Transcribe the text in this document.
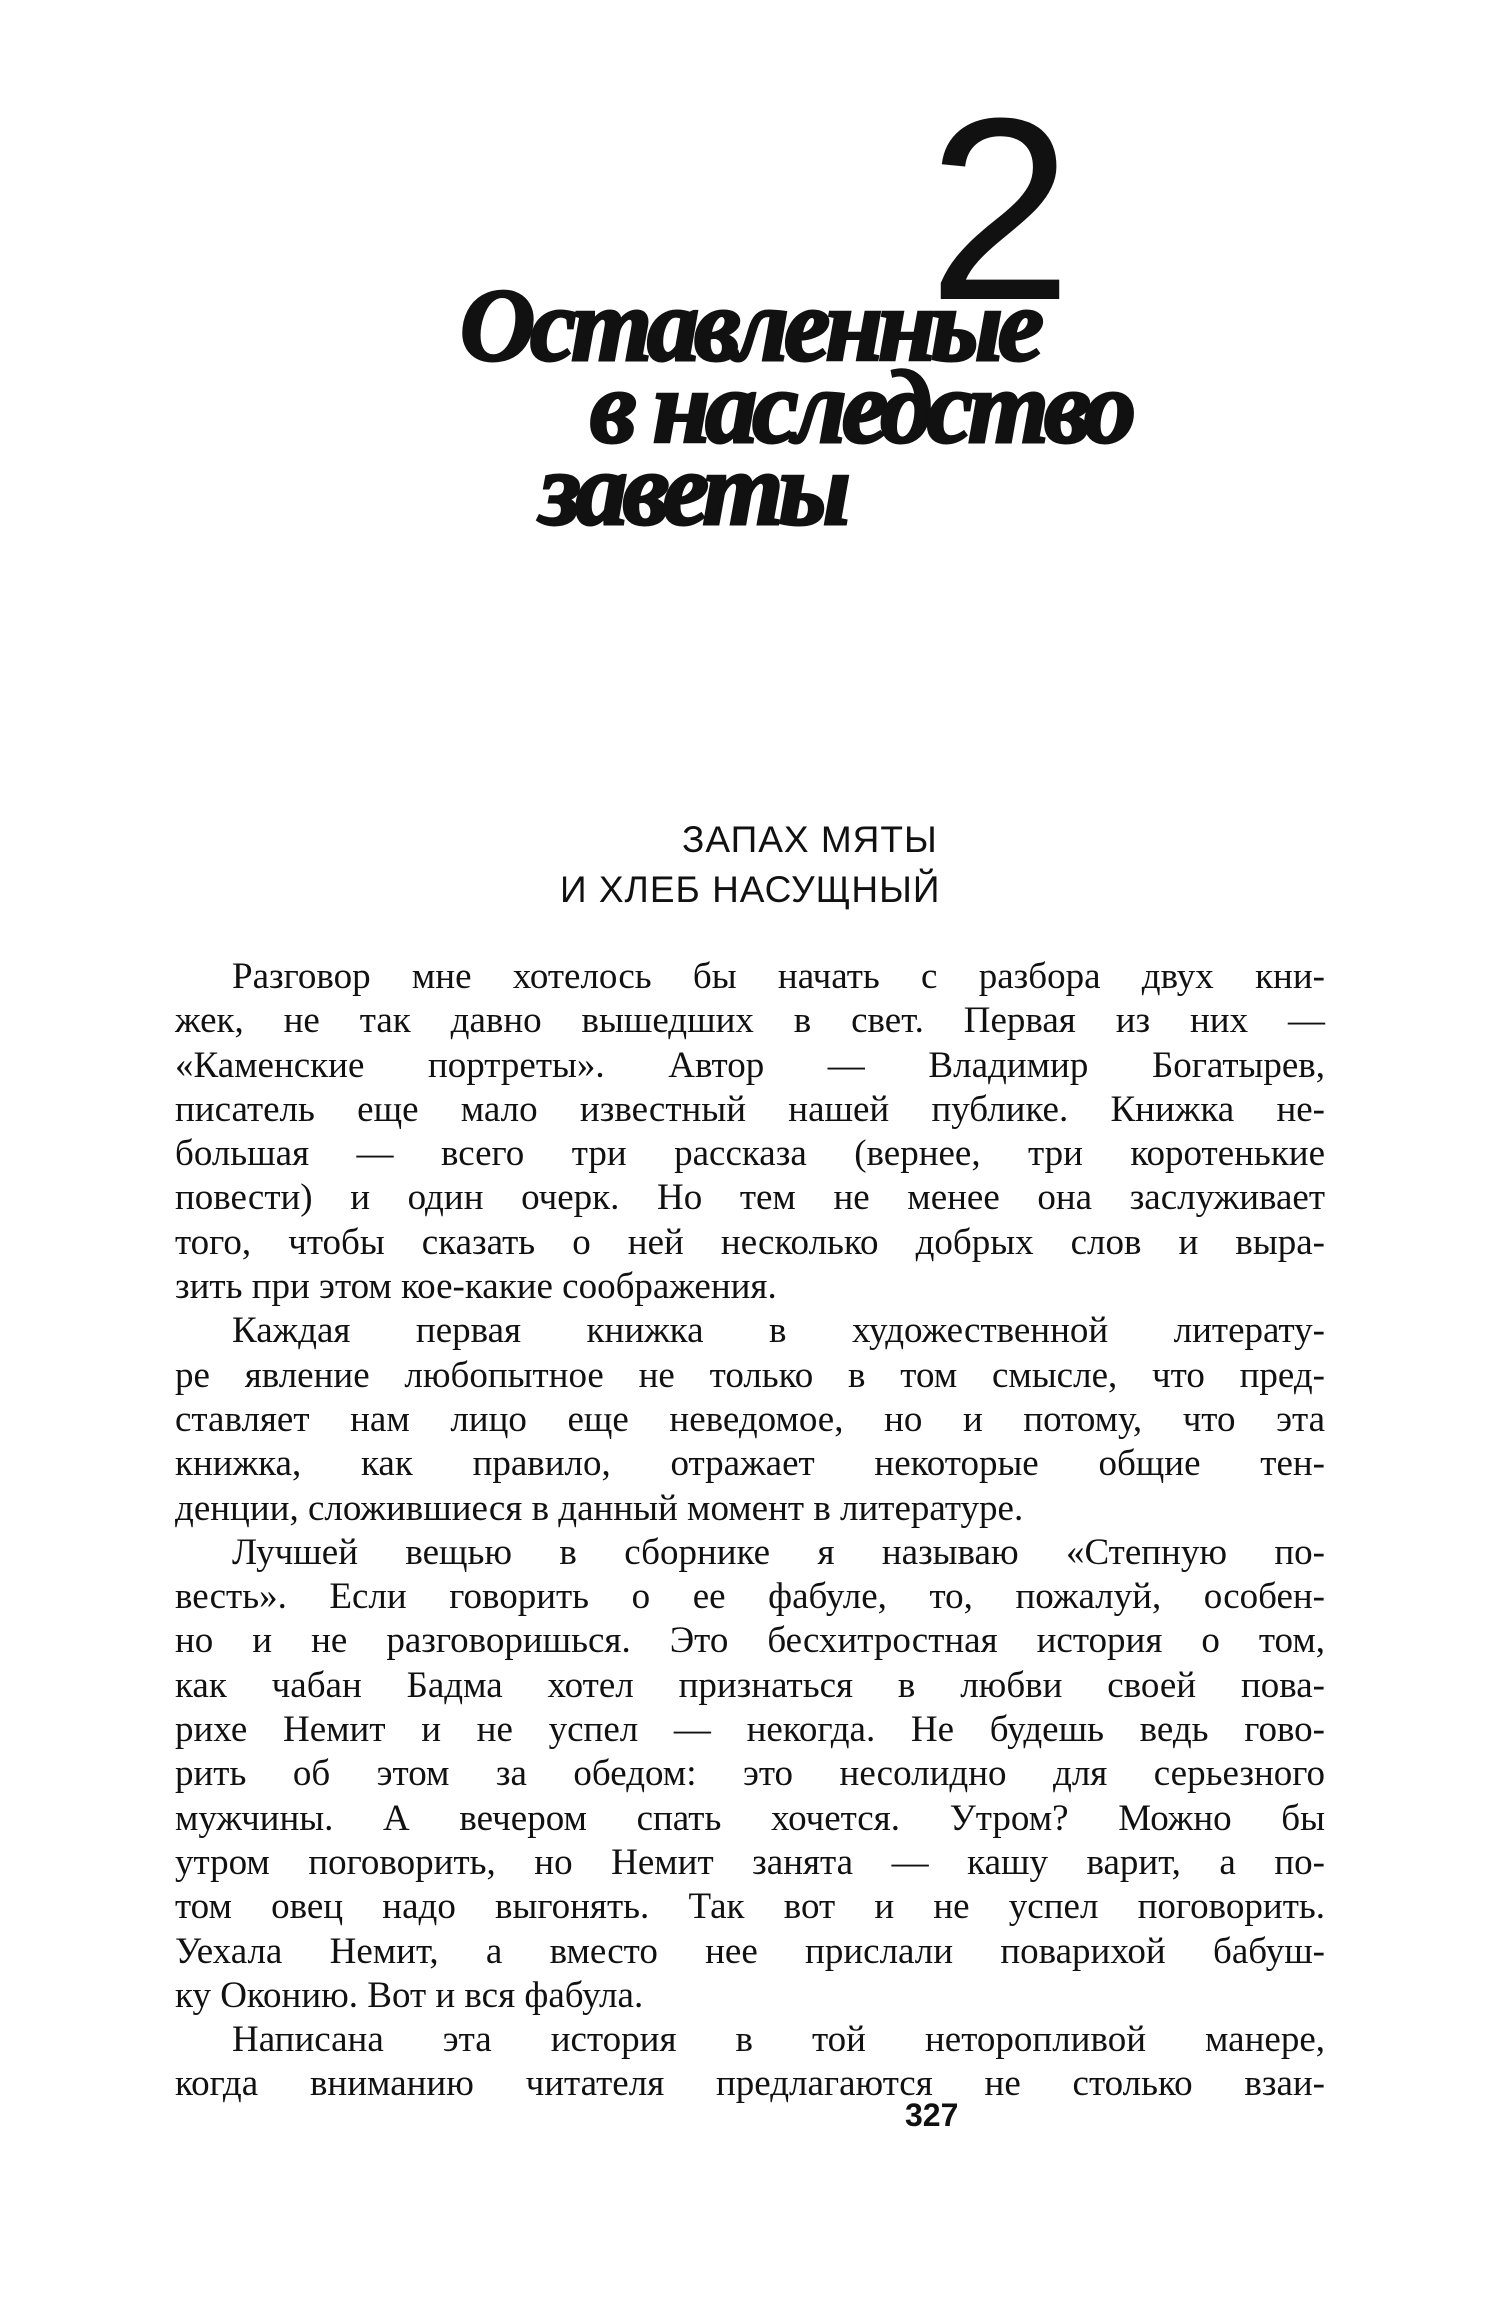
2
Оставленные
в наследство
заветы
ЗАПАХ МЯТЫ
И ХЛЕБ НАСУЩНЫЙ
Разговор мне хотелось бы начать с разбора двух кни-
жек, не так давно вышедших в свет. Первая из них —
«Каменские портреты». Автор — Владимир Богатырев,
писатель еще мало известный нашей публике. Книжка не-
большая — всего три рассказа (вернее, три коротенькие
повести) и один очерк. Но тем не менее она заслуживает
того, чтобы сказать о ней несколько добрых слов и выра-
зить при этом кое-какие соображения.
Каждая первая книжка в художественной литерату-
ре явление любопытное не только в том смысле, что пред-
ставляет нам лицо еще неведомое, но и потому, что эта
книжка, как правило, отражает некоторые общие тен-
денции, сложившиеся в данный момент в литературе.
Лучшей вещью в сборнике я называю «Степную по-
весть». Если говорить о ее фабуле, то, пожалуй, особен-
но и не разговоришься. Это бесхитростная история о том,
как чабан Бадма хотел признаться в любви своей пова-
рихе Немит и не успел — некогда. Не будешь ведь гово-
рить об этом за обедом: это несолидно для серьезного
мужчины. А вечером спать хочется. Утром? Можно бы
утром поговорить, но Немит занята — кашу варит, а по-
том овец надо выгонять. Так вот и не успел поговорить.
Уехала Немит, а вместо нее прислали поварихой бабуш-
ку Оконию. Вот и вся фабула.
Написана эта история в той неторопливой манере,
когда вниманию читателя предлагаются не столько взаи-
327
